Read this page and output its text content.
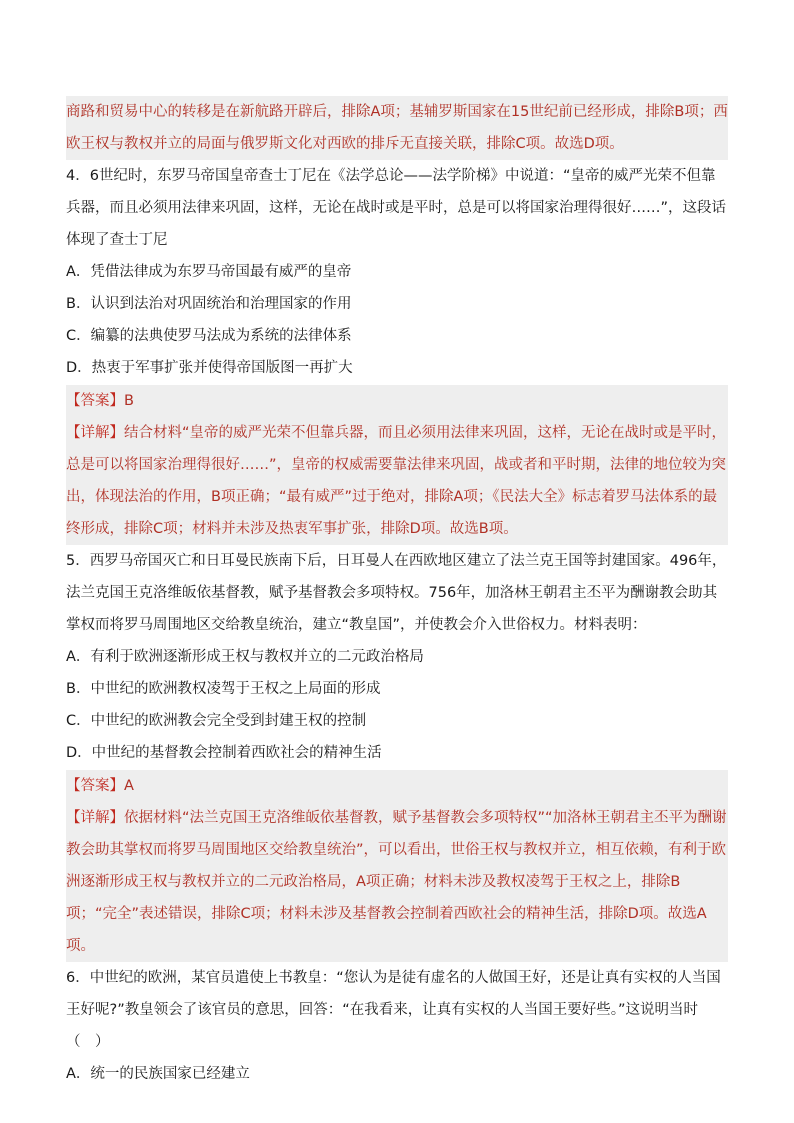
商路和贸易中心的转移是在新航路开辟后，排除A项；基辅罗斯国家在15世纪前已经形成，排除B项；西欧王权与教权并立的局面与俄罗斯文化对西欧的排斥无直接关联，排除C项。故选D项。
4．6世纪时，东罗马帝国皇帝查士丁尼在《法学总论——法学阶梯》中说道：“皇帝的威严光荣不但靠兵器，而且必须用法律来巩固，这样，无论在战时或是平时，总是可以将国家治理得很好……”，这段话体现了查士丁尼
A．凭借法律成为东罗马帝国最有威严的皇帝
B．认识到法治对巩固统治和治理国家的作用
C．编纂的法典使罗马法成为系统的法律体系
D．热衷于军事扩张并使得帝国版图一再扩大
【答案】B
【详解】结合材料“皇帝的威严光荣不但靠兵器，而且必须用法律来巩固，这样，无论在战时或是平时，总是可以将国家治理得很好……”，皇帝的权威需要靠法律来巩固，战或者和平时期，法律的地位较为突出，体现法治的作用，B项正确；“最有威严”过于绝对，排除A项；《民法大全》标志着罗马法体系的最终形成，排除C项；材料并未涉及热衷军事扩张，排除D项。故选B项。
5．西罗马帝国灭亡和日耳曼民族南下后，日耳曼人在西欧地区建立了法兰克王国等封建国家。496年，法兰克国王克洛维皈依基督教，赋予基督教会多项特权。756年，加洛林王朝君主丕平为酬谢教会助其掌权而将罗马周围地区交给教皇统治，建立“教皇国”，并使教会介入世俗权力。材料表明：
A．有利于欧洲逐渐形成王权与教权并立的二元政治格局
B．中世纪的欧洲教权凌驾于王权之上局面的形成
C．中世纪的欧洲教会完全受到封建王权的控制
D．中世纪的基督教会控制着西欧社会的精神生活
【答案】A
【详解】依据材料“法兰克国王克洛维皈依基督教，赋予基督教会多项特权”“加洛林王朝君主丕平为酬谢教会助其掌权而将罗马周围地区交给教皇统治”，可以看出，世俗王权与教权并立，相互依赖，有利于欧洲逐渐形成王权与教权并立的二元政治格局，A项正确；材料未涉及教权凌驾于王权之上，排除B项；“完全”表述错误，排除C项；材料未涉及基督教会控制着西欧社会的精神生活，排除D项。故选A项。
6．中世纪的欧洲，某官员遣使上书教皇：“您认为是徒有虚名的人做国王好，还是让真有实权的人当国王好呢?”教皇领会了该官员的意思，回答：“在我看来，让真有实权的人当国王要好些。”这说明当时（　）
A．统一的民族国家已经建立
